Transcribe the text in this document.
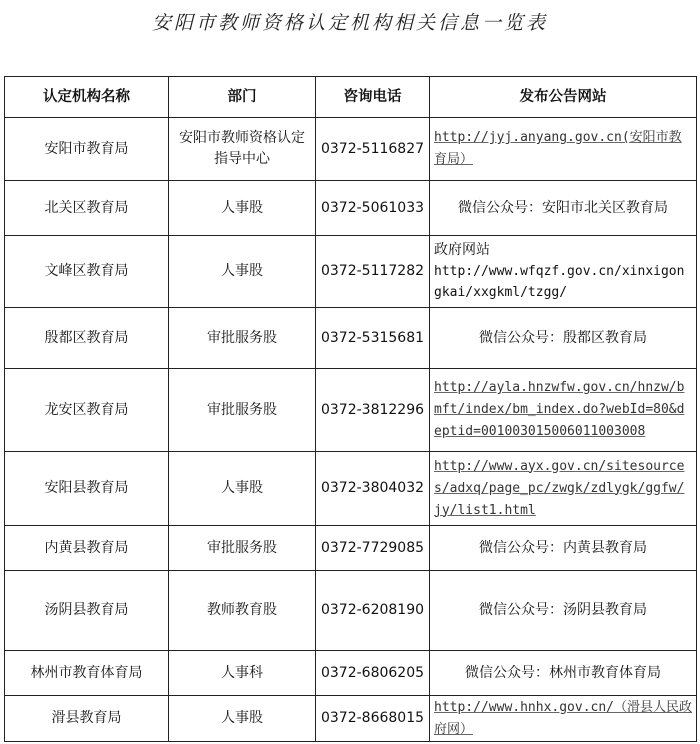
安阳市教师资格认定机构相关信息一览表
认定机构名称	部门	咨询电话	发布公告网站
安阳市教育局	安阳市教师资格认定指导中心	0372-5116827	http://jyj.anyang.gov.cn(安阳市教育局）
北关区教育局	人事股	0372-5061033	微信公众号：安阳市北关区教育局
文峰区教育局	人事股	0372-5117282	政府网站
http://www.wfqzf.gov.cn/xinxigongkai/xxgkml/tzgg/

殷都区教育局	审批服务股	0372-5315681	微信公众号：殷都区教育局
龙安区教育局	审批服务股	0372-3812296	http://ayla.hnzwfw.gov.cn/hnzw/bmft/index/bm_index.do?webId=80&deptid=001003015006011003008
安阳县教育局	人事股	0372-3804032	http://www.ayx.gov.cn/sitesources/adxq/page_pc/zwgk/zdlygk/ggfw/jy/list1.html
内黄县教育局	审批服务股	0372-7729085	微信公众号：内黄县教育局
汤阴县教育局	教师教育股	0372-6208190	微信公众号：汤阴县教育局
林州市教育体育局	人事科	0372-6806205	微信公众号：林州市教育体育局
滑县教育局	人事股	0372-8668015	http://www.hnhx.gov.cn/（滑县人民政府网）
